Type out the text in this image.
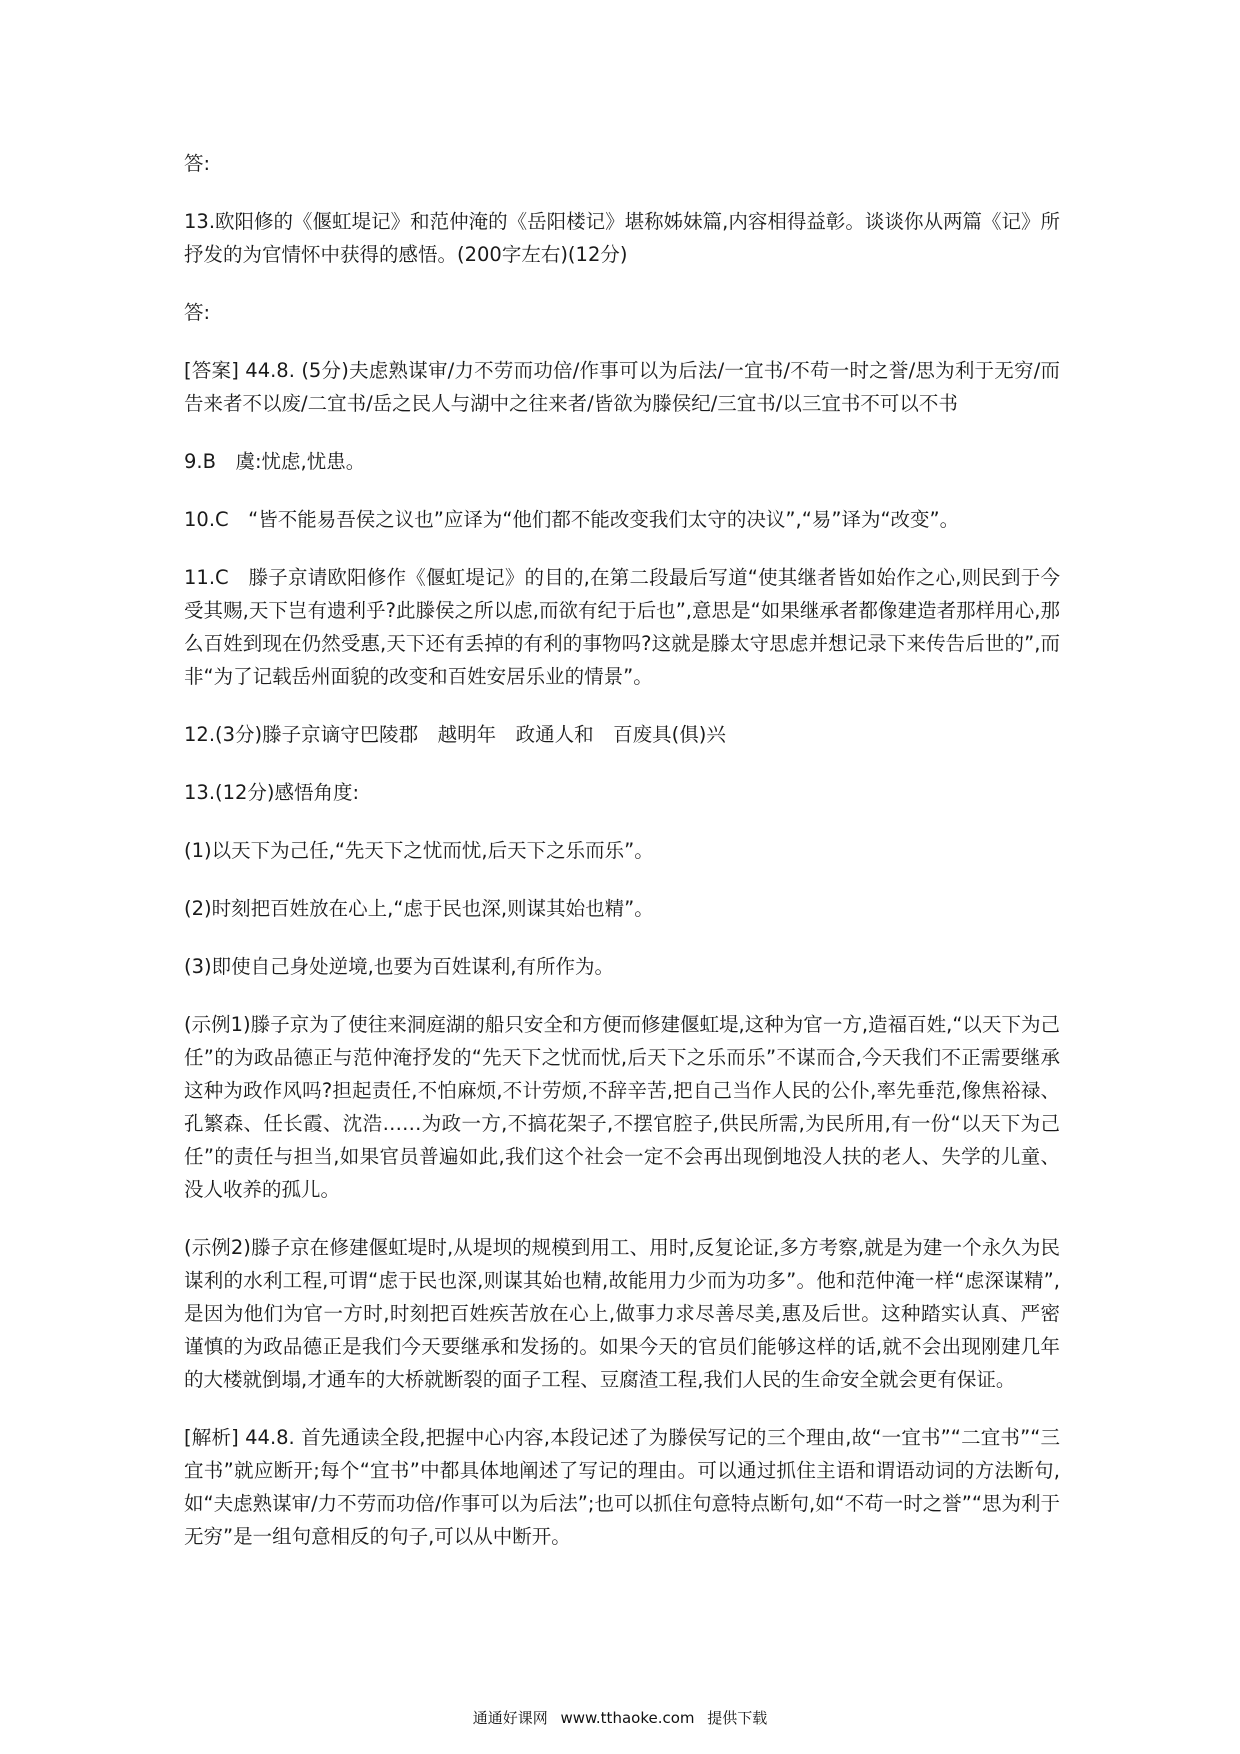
答:

13.欧阳修的《偃虹堤记》和范仲淹的《岳阳楼记》堪称姊妹篇,内容相得益彰。谈谈你从两篇《记》所抒发的为官情怀中获得的感悟。(200字左右)(12分)

答:

[答案] 44.8. (5分)夫虑熟谋审/力不劳而功倍/作事可以为后法/一宜书/不苟一时之誉/思为利于无穷/而告来者不以废/二宜书/岳之民人与湖中之往来者/皆欲为滕侯纪/三宜书/以三宜书不可以不书

9.B　虞:忧虑,忧患。

10.C　“皆不能易吾侯之议也”应译为“他们都不能改变我们太守的决议”,“易”译为“改变”。

11.C　滕子京请欧阳修作《偃虹堤记》的目的,在第二段最后写道“使其继者皆如始作之心,则民到于今受其赐,天下岂有遗利乎?此滕侯之所以虑,而欲有纪于后也”,意思是“如果继承者都像建造者那样用心,那么百姓到现在仍然受惠,天下还有丢掉的有利的事物吗?这就是滕太守思虑并想记录下来传告后世的”,而非“为了记载岳州面貌的改变和百姓安居乐业的情景”。

12.(3分)滕子京谪守巴陵郡　越明年　政通人和　百废具(俱)兴

13.(12分)感悟角度:

(1)以天下为己任,“先天下之忧而忧,后天下之乐而乐”。

(2)时刻把百姓放在心上,“虑于民也深,则谋其始也精”。

(3)即使自己身处逆境,也要为百姓谋利,有所作为。

(示例1)滕子京为了使往来洞庭湖的船只安全和方便而修建偃虹堤,这种为官一方,造福百姓,“以天下为己任”的为政品德正与范仲淹抒发的“先天下之忧而忧,后天下之乐而乐”不谋而合,今天我们不正需要继承这种为政作风吗?担起责任,不怕麻烦,不计劳烦,不辞辛苦,把自己当作人民的公仆,率先垂范,像焦裕禄、孔繁森、任长霞、沈浩……为政一方,不搞花架子,不摆官腔子,供民所需,为民所用,有一份“以天下为己任”的责任与担当,如果官员普遍如此,我们这个社会一定不会再出现倒地没人扶的老人、失学的儿童、没人收养的孤儿。

(示例2)滕子京在修建偃虹堤时,从堤坝的规模到用工、用时,反复论证,多方考察,就是为建一个永久为民谋利的水利工程,可谓“虑于民也深,则谋其始也精,故能用力少而为功多”。他和范仲淹一样“虑深谋精”,是因为他们为官一方时,时刻把百姓疾苦放在心上,做事力求尽善尽美,惠及后世。这种踏实认真、严密谨慎的为政品德正是我们今天要继承和发扬的。如果今天的官员们能够这样的话,就不会出现刚建几年的大楼就倒塌,才通车的大桥就断裂的面子工程、豆腐渣工程,我们人民的生命安全就会更有保证。

[解析] 44.8. 首先通读全段,把握中心内容,本段记述了为滕侯写记的三个理由,故“一宜书”“二宜书”“三宜书”就应断开;每个“宜书”中都具体地阐述了写记的理由。可以通过抓住主语和谓语动词的方法断句,如“夫虑熟谋审/力不劳而功倍/作事可以为后法”;也可以抓住句意特点断句,如“不苟一时之誉”“思为利于无穷”是一组句意相反的句子,可以从中断开。

通通好课网 www.tthaoke.com 提供下载
